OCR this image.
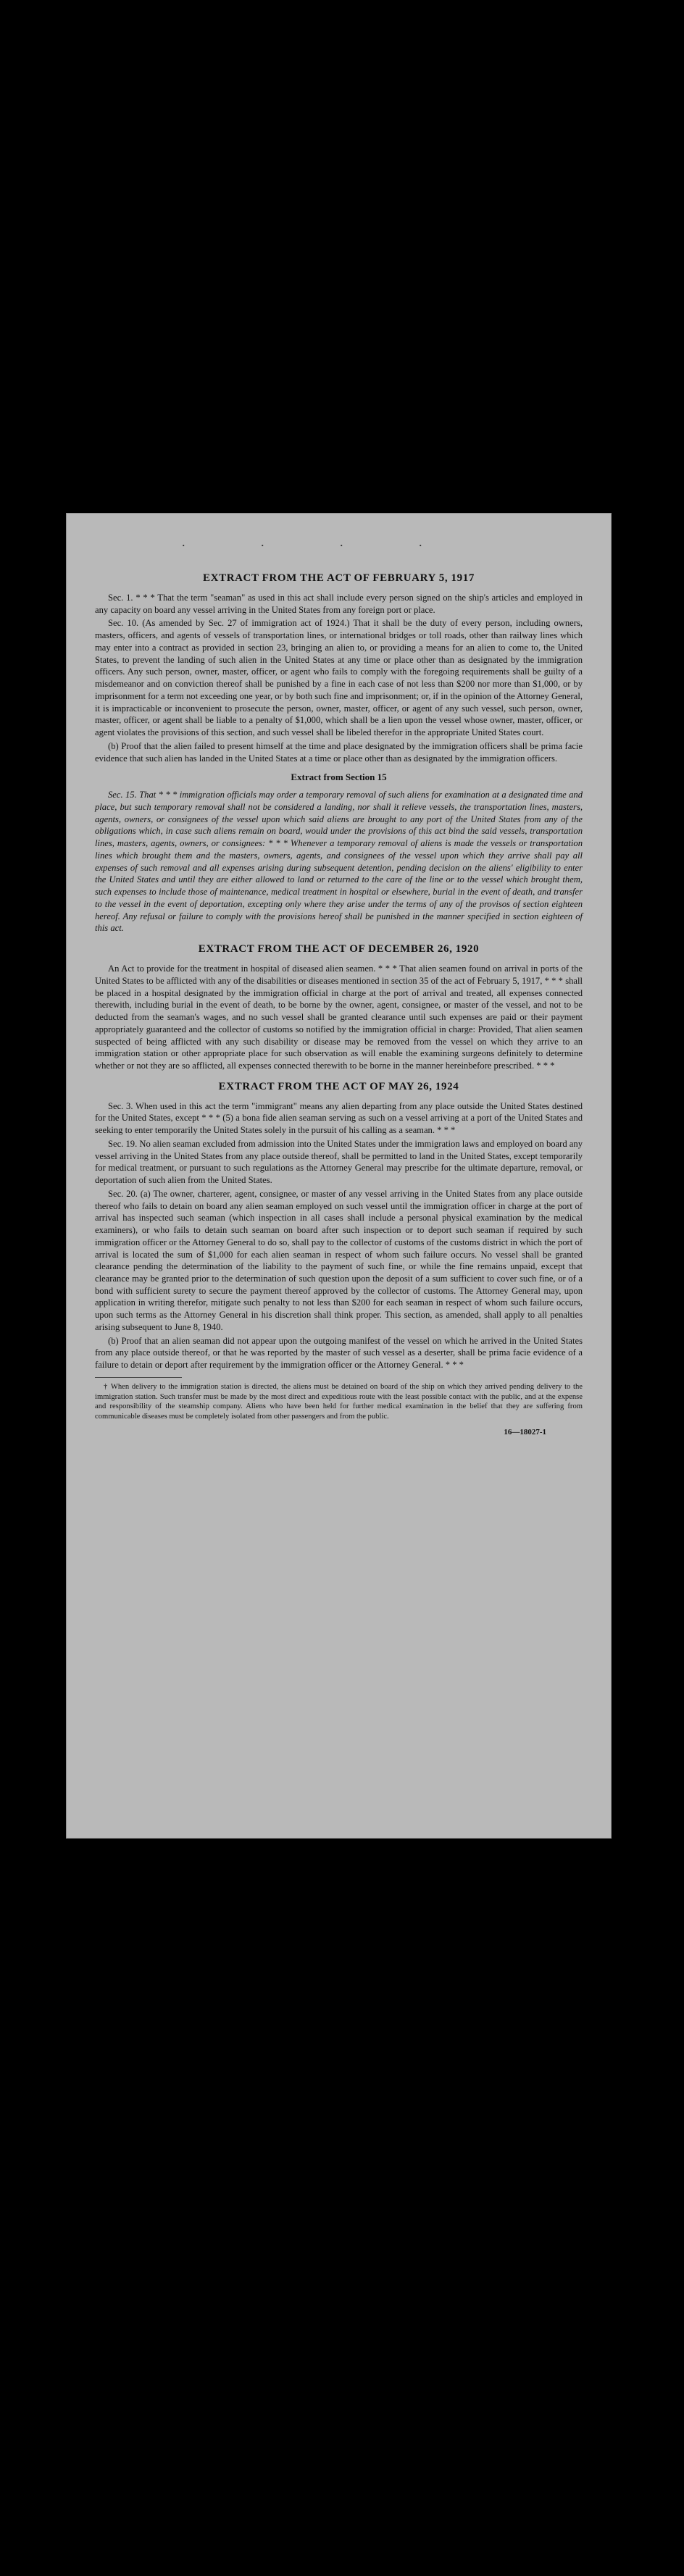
. . . .
EXTRACT FROM THE ACT OF FEBRUARY 5, 1917

Sec. 1. * * * That the term "seaman" as used in this act shall include every person signed on the ship's articles and employed in any capacity on board any vessel arriving in the United States from any foreign port or place.

Sec. 10. (As amended by Sec. 27 of immigration act of 1924.) That it shall be the duty of every person, including owners, masters, officers, and agents of vessels of transportation lines, or international bridges or toll roads, other than railway lines which may enter into a contract as provided in section 23, bringing an alien to, or providing a means for an alien to come to, the United States, to prevent the landing of such alien in the United States at any time or place other than as designated by the immigration officers. Any such person, owner, master, officer, or agent who fails to comply with the foregoing requirements shall be guilty of a misdemeanor and on conviction thereof shall be punished by a fine in each case of not less than $200 nor more than $1,000, or by imprisonment for a term not exceeding one year, or by both such fine and imprisonment; or, if in the opinion of the Attorney General, it is impracticable or inconvenient to prosecute the person, owner, master, officer, or agent of any such vessel, such person, owner, master, officer, or agent shall be liable to a penalty of $1,000, which shall be a lien upon the vessel whose owner, master, officer, or agent violates the provisions of this section, and such vessel shall be libeled therefor in the appropriate United States court.

(b) Proof that the alien failed to present himself at the time and place designated by the immigration officers shall be prima facie evidence that such alien has landed in the United States at a time or place other than as designated by the immigration officers.

Extract from Section 15

Sec. 15. That * * * immigration officials may order a temporary removal of such aliens for examination at a designated time and place, but such temporary removal shall not be considered a landing, nor shall it relieve vessels, the transportation lines, masters, agents, owners, or consignees of the vessel upon which said aliens are brought to any port of the United States from any of the obligations which, in case such aliens remain on board, would under the provisions of this act bind the said vessels, transportation lines, masters, agents, owners, or consignees: * * * Whenever a temporary removal of aliens is made the vessels or transportation lines which brought them and the masters, owners, agents, and consignees of the vessel upon which they arrive shall pay all expenses of such removal and all expenses arising during subsequent detention, pending decision on the aliens' eligibility to enter the United States and until they are either allowed to land or returned to the care of the line or to the vessel which brought them, such expenses to include those of maintenance, medical treatment in hospital or elsewhere, burial in the event of death, and transfer to the vessel in the event of deportation, excepting only where they arise under the terms of any of the provisos of section eighteen hereof. Any refusal or failure to comply with the provisions hereof shall be punished in the manner specified in section eighteen of this act.

EXTRACT FROM THE ACT OF DECEMBER 26, 1920

An Act to provide for the treatment in hospital of diseased alien seamen. * * * That alien seamen found on arrival in ports of the United States to be afflicted with any of the disabilities or diseases mentioned in section 35 of the act of February 5, 1917, * * * shall be placed in a hospital designated by the immigration official in charge at the port of arrival and treated, all expenses connected therewith, including burial in the event of death, to be borne by the owner, agent, consignee, or master of the vessel, and not to be deducted from the seaman's wages, and no such vessel shall be granted clearance until such expenses are paid or their payment appropriately guaranteed and the collector of customs so notified by the immigration official in charge: Provided, That alien seamen suspected of being afflicted with any such disability or disease may be removed from the vessel on which they arrive to an immigration station or other appropriate place for such observation as will enable the examining surgeons definitely to determine whether or not they are so afflicted, all expenses connected therewith to be borne in the manner hereinbefore prescribed. * * *

EXTRACT FROM THE ACT OF MAY 26, 1924

Sec. 3. When used in this act the term "immigrant" means any alien departing from any place outside the United States destined for the United States, except * * * (5) a bona fide alien seaman serving as such on a vessel arriving at a port of the United States and seeking to enter temporarily the United States solely in the pursuit of his calling as a seaman. * * *

Sec. 19. No alien seaman excluded from admission into the United States under the immigration laws and employed on board any vessel arriving in the United States from any place outside thereof, shall be permitted to land in the United States, except temporarily for medical treatment, or pursuant to such regulations as the Attorney General may prescribe for the ultimate departure, removal, or deportation of such alien from the United States.

Sec. 20. (a) The owner, charterer, agent, consignee, or master of any vessel arriving in the United States from any place outside thereof who fails to detain on board any alien seaman employed on such vessel until the immigration officer in charge at the port of arrival has inspected such seaman (which inspection in all cases shall include a personal physical examination by the medical examiners), or who fails to detain such seaman on board after such inspection or to deport such seaman if required by such immigration officer or the Attorney General to do so, shall pay to the collector of customs of the customs district in which the port of arrival is located the sum of $1,000 for each alien seaman in respect of whom such failure occurs. No vessel shall be granted clearance pending the determination of the liability to the payment of such fine, or while the fine remains unpaid, except that clearance may be granted prior to the determination of such question upon the deposit of a sum sufficient to cover such fine, or of a bond with sufficient surety to secure the payment thereof approved by the collector of customs. The Attorney General may, upon application in writing therefor, mitigate such penalty to not less than $200 for each seaman in respect of whom such failure occurs, upon such terms as the Attorney General in his discretion shall think proper. This section, as amended, shall apply to all penalties arising subsequent to June 8, 1940.

(b) Proof that an alien seaman did not appear upon the outgoing manifest of the vessel on which he arrived in the United States from any place outside thereof, or that he was reported by the master of such vessel as a deserter, shall be prima facie evidence of a failure to detain or deport after requirement by the immigration officer or the Attorney General. * * *

† When delivery to the immigration station is directed, the aliens must be detained on board of the ship on which they arrived pending delivery to the immigration station. Such transfer must be made by the most direct and expeditious route with the least possible contact with the public, and at the expense and responsibility of the steamship company. Aliens who have been held for further medical examination in the belief that they are suffering from communicable diseases must be completely isolated from other passengers and from the public.

16—18027-1
